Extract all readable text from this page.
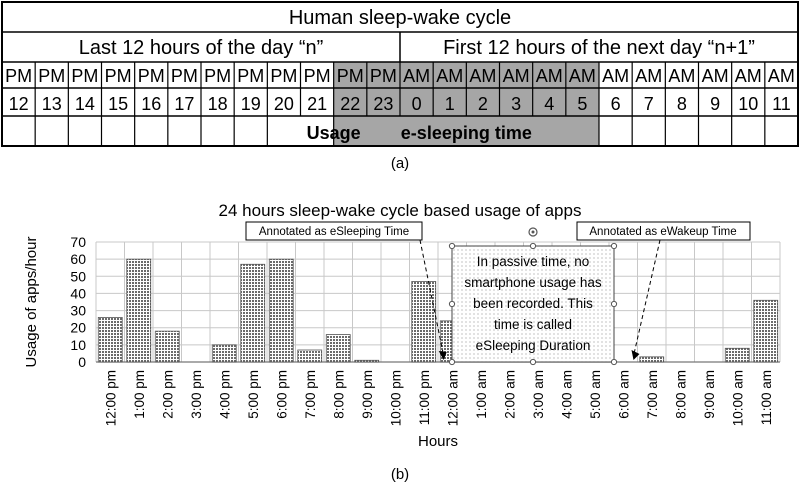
Human sleep-wake cycle
Last 12 hours of the day “n”	First 12 hours of the next day “n+1”
PM PM PM PM PM PM PM PM PM PM PM PM AM AM AM AM AM AM AM AM AM AM AM AM
12 13 14 15 16 17 18 19 20 21 22 23 0 1 2 3 4 5 6 7 8 9 10 11
Usage e-sleeping time
(a)
24 hours sleep-wake cycle based usage of apps
0
10
20
30
40
50
60
70
12:00 pm 1:00 pm 2:00 pm 3:00 pm 4:00 pm 5:00 pm 6:00 pm 7:00 pm 8:00 pm 9:00 pm 10:00 pm 11:00 pm 12:00 am 1:00 am 2:00 am 3:00 am 4:00 am 5:00 am 6:00 am 7:00 am 8:00 am 9:00 am 10:00 am 11:00 am
Hours
Usage of apps/hour
Annotated as eSleeping Time	Annotated as eWakeup Time
In passive time, no
smartphone usage has
been recorded. This
time is called
eSleeping Duration
(b)
